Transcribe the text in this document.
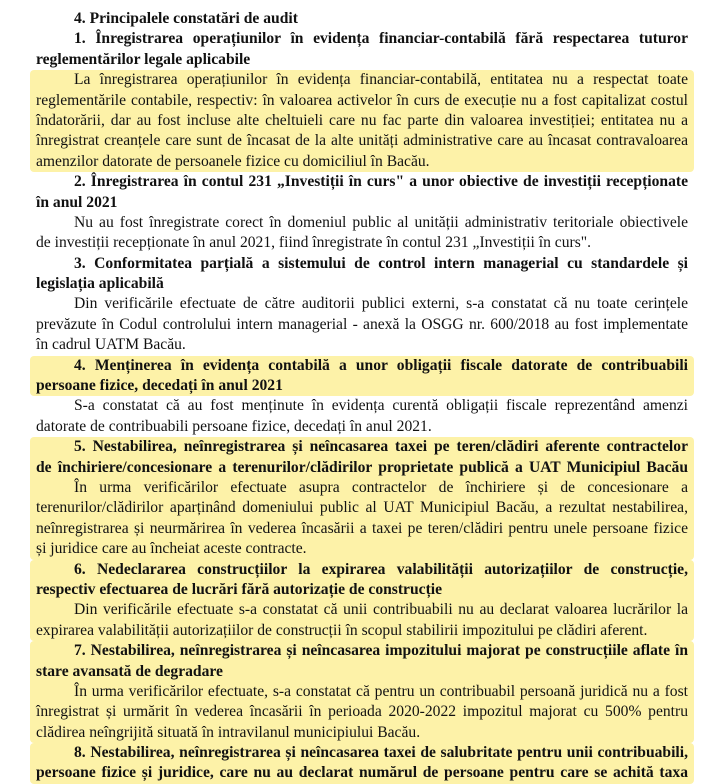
4. Principalele constatări de audit
1. Înregistrarea operațiunilor în evidența financiar-contabilă fără respectarea tuturor
reglementărilor legale aplicabile
La înregistrarea operațiunilor în evidența financiar-contabilă, entitatea nu a respectat toate
reglementările contabile, respectiv: în valoarea activelor în curs de execuție nu a fost capitalizat costul
îndatorării, dar au fost incluse alte cheltuieli care nu fac parte din valoarea investiției; entitatea nu a
înregistrat creanțele care sunt de încasat de la alte unități administrative care au încasat contravaloarea
amenzilor datorate de persoanele fizice cu domiciliul în Bacău.
2. Înregistrarea în contul 231 „Investiții în curs" a unor obiective de investiții recepționate
în anul 2021
Nu au fost înregistrate corect în domeniul public al unității administrativ teritoriale obiectivele
de investiții recepționate în anul 2021, fiind înregistrate în contul 231 „Investiții în curs".
3. Conformitatea parțială a sistemului de control intern managerial cu standardele și
legislația aplicabilă
Din verificările efectuate de către auditorii publici externi, s-a constatat că nu toate cerințele
prevăzute în Codul controlului intern managerial - anexă la OSGG nr. 600/2018 au fost implementate
în cadrul UATM Bacău.
4. Menținerea în evidența contabilă a unor obligații fiscale datorate de contribuabili
persoane fizice, decedați în anul 2021
S-a constatat că au fost menținute în evidența curentă obligații fiscale reprezentând amenzi
datorate de contribuabili persoane fizice, decedați în anul 2021.
5. Nestabilirea, neînregistrarea și neîncasarea taxei pe teren/clădiri aferente contractelor
de închiriere/concesionare a terenurilor/clădirilor proprietate publică a UAT Municipiul Bacău
În urma verificărilor efectuate asupra contractelor de închiriere și de concesionare a
terenurilor/clădirilor aparținând domeniului public al UAT Municipiul Bacău, a rezultat nestabilirea,
neînregistrarea și neurmărirea în vederea încasării a taxei pe teren/clădiri pentru unele persoane fizice
și juridice care au încheiat aceste contracte.
6. Nedeclararea construcțiilor la expirarea valabilității autorizațiilor de construcție,
respectiv efectuarea de lucrări fără autorizație de construcție
Din verificările efectuate s-a constatat că unii contribuabili nu au declarat valoarea lucrărilor la
expirarea valabilității autorizațiilor de construcții în scopul stabilirii impozitului pe clădiri aferent.
7. Nestabilirea, neînregistrarea și neîncasarea impozitului majorat pe construcțiile aflate în
stare avansată de degradare
În urma verificărilor efectuate, s-a constatat că pentru un contribuabil persoană juridică nu a fost
înregistrat și urmărit în vederea încasării în perioada 2020-2022 impozitul majorat cu 500% pentru
clădirea neîngrijită situată în intravilanul municipiului Bacău.
8. Nestabilirea, neînregistrarea și neîncasarea taxei de salubritate pentru unii contribuabili,
persoane fizice și juridice, care nu au declarat numărul de persoane pentru care se achită taxa
